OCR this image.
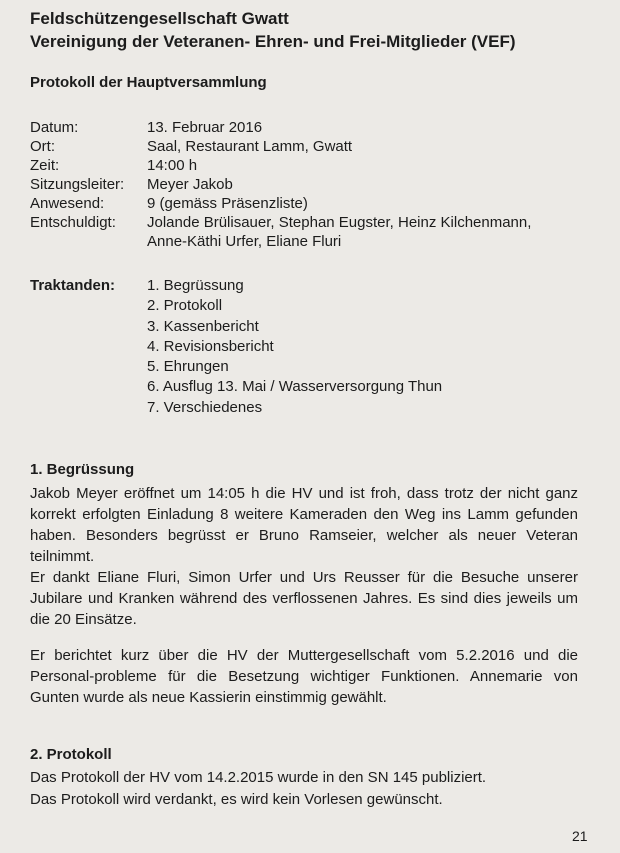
Feldschützengesellschaft Gwatt
Vereinigung der Veteranen- Ehren- und Frei-Mitglieder (VEF)
Protokoll der Hauptversammlung
Datum:	13. Februar 2016
Ort:	Saal, Restaurant Lamm, Gwatt
Zeit:	14:00 h
Sitzungsleiter: Meyer Jakob
Anwesend:	9 (gemäss Präsenzliste)
Entschuldigt: Jolande Brülisauer, Stephan Eugster, Heinz Kilchenmann,
Anne-Käthi Urfer, Eliane Fluri
Traktanden: 1. Begrüssung
2. Protokoll
3. Kassenbericht
4. Revisionsbericht
5. Ehrungen
6. Ausflug 13. Mai / Wasserversorgung Thun
7. Verschiedenes
1. Begrüssung
Jakob Meyer eröffnet um 14:05 h die HV und ist froh, dass trotz der nicht ganz korrekt erfolgten Einladung 8 weitere Kameraden den Weg ins Lamm gefunden haben. Besonders begrüsst er Bruno Ramseier, welcher als neuer Veteran teilnimmt.
Er dankt Eliane Fluri, Simon Urfer und Urs Reusser für die Besuche unserer Jubilare und Kranken während des verflossenen Jahres. Es sind dies jeweils um die 20 Einsätze.
Er berichtet kurz über die HV der Muttergesellschaft vom 5.2.2016 und die Personal-probleme für die Besetzung wichtiger Funktionen. Annemarie von Gunten wurde als neue Kassierin einstimmig gewählt.
2. Protokoll
Das Protokoll der HV vom 14.2.2015 wurde in den SN 145 publiziert.
Das Protokoll wird verdankt, es wird kein Vorlesen gewünscht.
21
